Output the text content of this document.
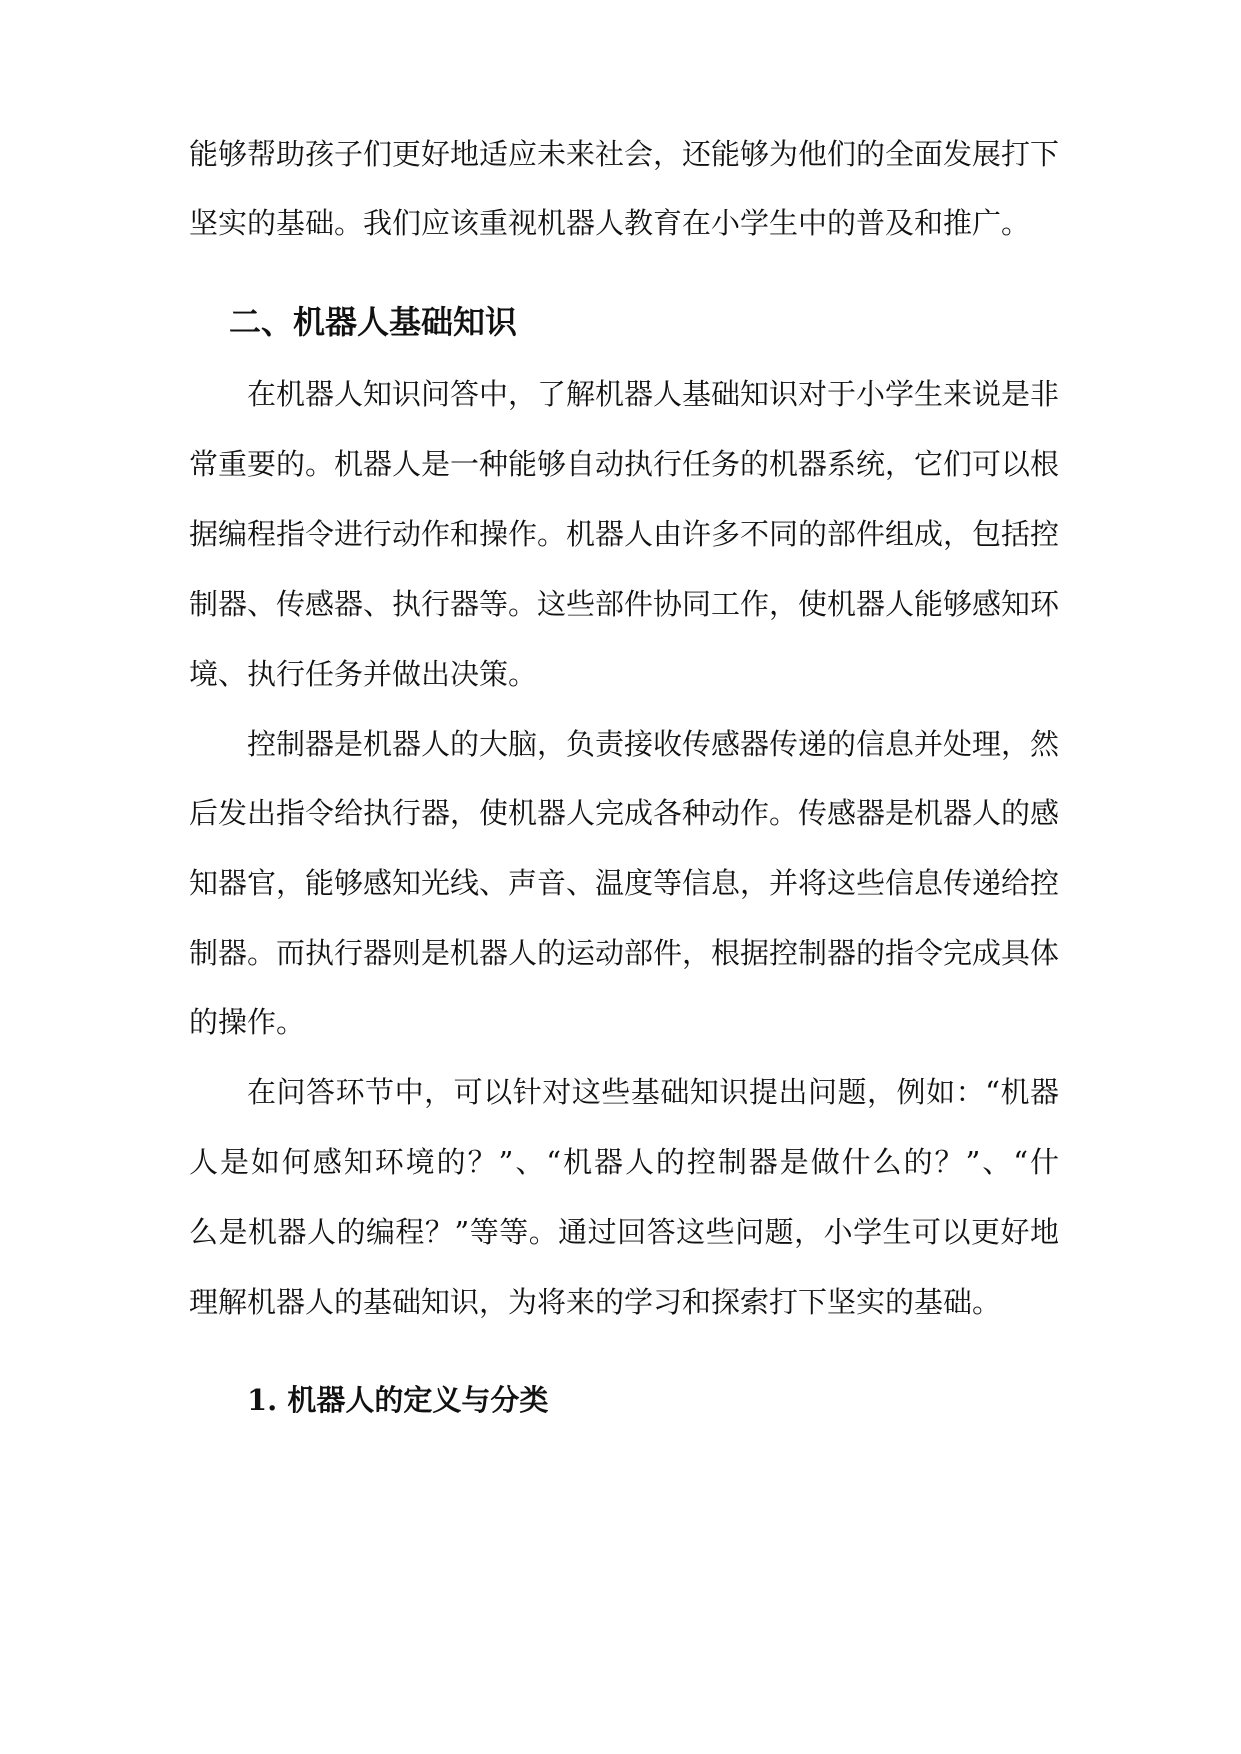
能够帮助孩子们更好地适应未来社会，还能够为他们的全面发展打下
坚实的基础。我们应该重视机器人教育在小学生中的普及和推广。
二、机器人基础知识
在机器人知识问答中，了解机器人基础知识对于小学生来说是非
常重要的。机器人是一种能够自动执行任务的机器系统，它们可以根
据编程指令进行动作和操作。机器人由许多不同的部件组成，包括控
制器、传感器、执行器等。这些部件协同工作，使机器人能够感知环
境、执行任务并做出决策。
控制器是机器人的大脑，负责接收传感器传递的信息并处理，然
后发出指令给执行器，使机器人完成各种动作。传感器是机器人的感
知器官，能够感知光线、声音、温度等信息，并将这些信息传递给控
制器。而执行器则是机器人的运动部件，根据控制器的指令完成具体
的操作。
在问答环节中，可以针对这些基础知识提出问题，例如：“机器
人是如何感知环境的？”、“机器人的控制器是做什么的？”、“什
么是机器人的编程？”等等。通过回答这些问题，小学生可以更好地
理解机器人的基础知识，为将来的学习和探索打下坚实的基础。
1. 机器人的定义与分类
